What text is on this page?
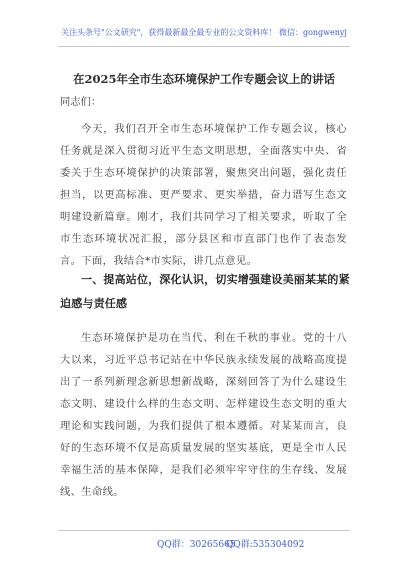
关注头条号"公文研究"，获得最新最全最专业的公文资料库！ 微信：gongwenyj
在2025年全市生态环境保护工作专题会议上的讲话
同志们：
今天，我们召开全市生态环境保护工作专题会议，核心任务就是深入贯彻习近平生态文明思想，全面落实中央、省委关于生态环境保护的决策部署，聚焦突出问题，强化责任担当，以更高标准、更严要求、更实举措，奋力谱写生态文明建设新篇章。刚才，我们共同学习了相关要求，听取了全市生态环境状况汇报，部分县区和市直部门也作了表态发言。下面，我结合*市实际，讲几点意见。
一、提高站位，深化认识，切实增强建设美丽某某的紧迫感与责任感
生态环境保护是功在当代、利在千秋的事业。党的十八大以来，习近平总书记站在中华民族永续发展的战略高度提出了一系列新理念新思想新战略，深刻回答了为什么建设生态文明、建设什么样的生态文明、怎样建设生态文明的重大理论和实践问题，为我们提供了根本遵循。对某某而言，良好的生态环境不仅是高质量发展的坚实基底，更是全市人民幸福生活的基本保障，是我们必须牢牢守住的生存线、发展线、生命线。
QQ群：30265665
QQ群:535304092
